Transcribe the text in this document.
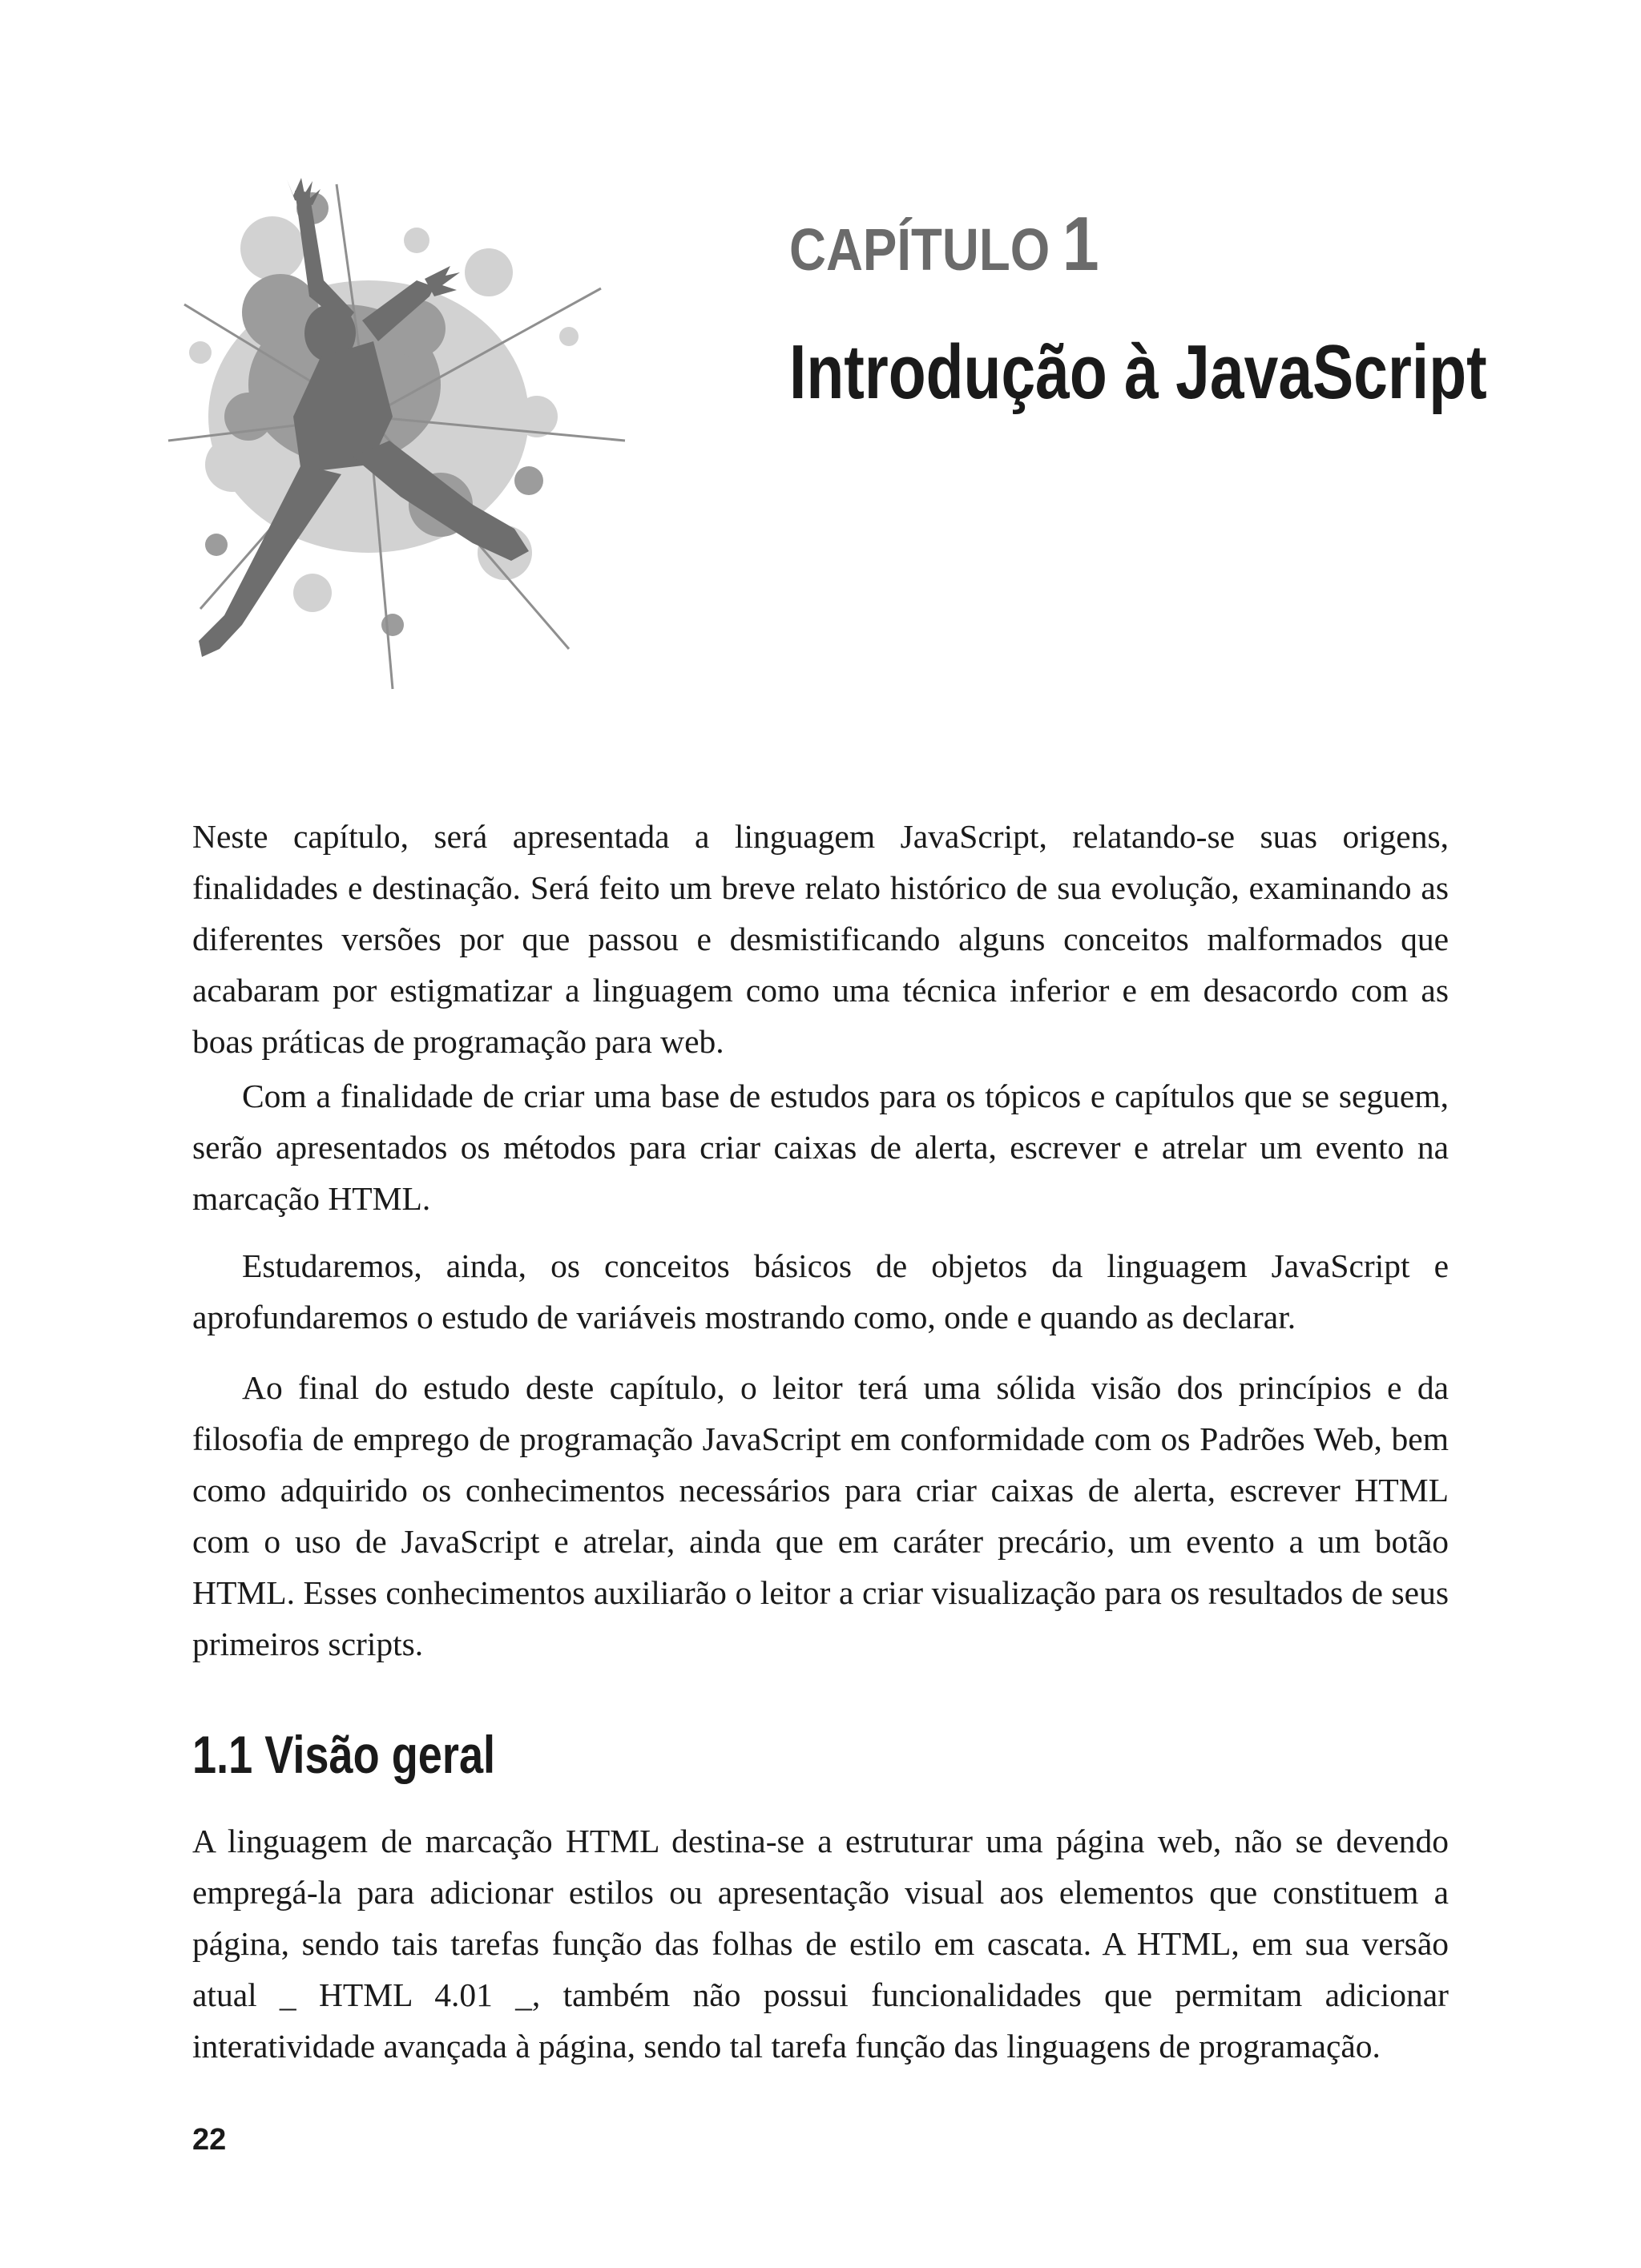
CAPÍTULO 1
Introdução à JavaScript

Neste capítulo, será apresentada a linguagem JavaScript, relatando-se suas origens, finalidades e destinação. Será feito um breve relato histórico de sua evolução, examinando as diferentes versões por que passou e desmistificando alguns conceitos malformados que acabaram por estigmatizar a linguagem como uma técnica inferior e em desacordo com as boas práticas de programação para web.

Com a finalidade de criar uma base de estudos para os tópicos e capítulos que se seguem, serão apresentados os métodos para criar caixas de alerta, escrever e atrelar um evento na marcação HTML.

Estudaremos, ainda, os conceitos básicos de objetos da linguagem JavaScript e aprofundaremos o estudo de variáveis mostrando como, onde e quando as declarar.

Ao final do estudo deste capítulo, o leitor terá uma sólida visão dos princípios e da filosofia de emprego de programação JavaScript em conformidade com os Padrões Web, bem como adquirido os conhecimentos necessários para criar caixas de alerta, escrever HTML com o uso de JavaScript e atrelar, ainda que em caráter precário, um evento a um botão HTML. Esses conhecimentos auxiliarão o leitor a criar visualização para os resultados de seus primeiros scripts.

1.1 Visão geral

A linguagem de marcação HTML destina-se a estruturar uma página web, não se devendo empregá-la para adicionar estilos ou apresentação visual aos elementos que constituem a página, sendo tais tarefas função das folhas de estilo em cascata. A HTML, em sua versão atual _ HTML 4.01 _, também não possui funcionalidades que permitam adicionar interatividade avançada à página, sendo tal tarefa função das linguagens de programação.

22
